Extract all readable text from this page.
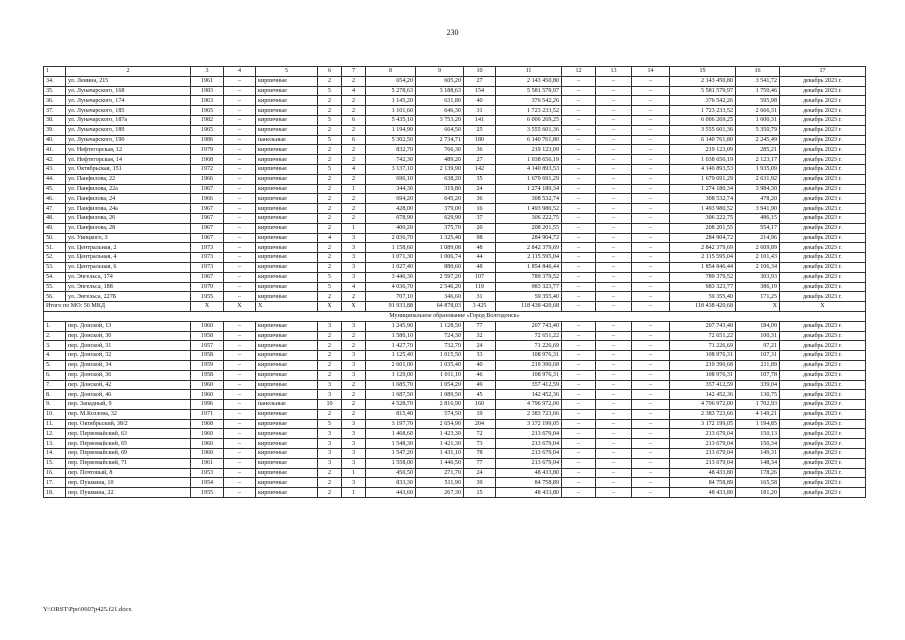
230
1	2	3	4	5	6	7	8	9	10	11	12	13	14	15	16	17
34.	ул. Ленина, 215	1961	–	кирпичные	2	2	654,20	605,20	27	2 143 450,80	–	–	–	2 143 450,80	3 541,72	декабрь 2023 г.
35.	ул. Луначарского, 168	1983	–	кирпичные	5	4	5 278,63	3 188,63	154	5 581 579,97	–	–	–	5 581 579,97	1 750,46	декабрь 2023 г.
36.	ул. Луначарского, 174	1963	–	кирпичные	2	2	1 145,20	631,80	40	376 542,26	–	–	–	376 542,26	595,98	декабрь 2023 г.
37.	ул. Луначарского, 185	1965	–	кирпичные	2	2	1 101,60	646,30	31	1 723 233,52	–	–	–	1 723 233,52	2 666,31	декабрь 2023 г.
38.	ул. Луначарского, 187а	1982	–	кирпичные	5	6	5 435,10	3 753,20	141	6 006 269,25	–	–	–	6 006 269,25	1 600,31	декабрь 2023 г.
39.	ул. Луначарского, 189	1965	–	кирпичные	2	2	1 194,90	664,50	25	3 555 601,36	–	–	–	3 555 601,36	5 350,79	декабрь 2023 г.
40.	ул. Луначарского, 190	1986	–	панельные	5	6	5 302,50	2 734,71	180	6 140 761,80	–	–	–	6 140 761,80	2 245,49	декабрь 2023 г.
41.	ул. Нефтегорская, 12	1979	–	кирпичные	2	2	832,70	766,30	36	219 123,09	–	–	–	219 123,09	285,21	декабрь 2023 г.
42.	ул. Нефтегорская, 14	1968	–	кирпичные	2	2	742,30	489,20	27	1 038 656,19	–	–	–	1 038 656,19	2 123,17	декабрь 2023 г.
43.	ул. Октябрьская, 151	1972	–	кирпичные	5	4	3 137,10	2 139,90	142	4 140 893,53	–	–	–	4 140 893,53	1 935,09	декабрь 2023 г.
44.	ул. Панфилова, 22	1966	–	кирпичные	2	2	696,10	638,20	35	1 679 691,29	–	–	–	1 679 691,29	2 631,92	декабрь 2023 г.
45.	ул. Панфилова, 22а	1967	–	кирпичные	2	1	344,30	319,80	24	1 274 180,34	–	–	–	1 274 180,34	3 984,30	декабрь 2023 г.
46.	ул. Панфилова, 24	1966	–	кирпичные	2	2	694,20	645,20	36	308 532,74	–	–	–	308 532,74	478,20	декабрь 2023 г.
47.	ул. Панфилова, 24а	1967	–	кирпичные	2	2	428,00	379,00	16	1 493 980,52	–	–	–	1 493 980,52	3 941,90	декабрь 2023 г.
48.	ул. Панфилова, 26	1967	–	кирпичные	2	2	678,90	629,90	37	306 222,75	–	–	–	306 222,75	486,15	декабрь 2023 г.
49.	ул. Панфилова, 28	1967	–	кирпичные	2	1	400,20	375,70	20	208 201,55	–	–	–	208 201,55	554,17	декабрь 2023 г.
50.	ул. Уинцкого, 3	1967	–	кирпичные	4	3	2 036,70	1 325,40	98	284 904,72	–	–	–	284 904,72	214,96	декабрь 2023 г.
51.	ул. Центральная, 2	1973	–	кирпичные	2	3	1 158,60	1 089,08	48	2 842 379,69	–	–	–	2 842 379,69	2 609,89	декабрь 2023 г.
52.	ул. Центральная, 4	1973	–	кирпичные	2	3	1 071,30	1 006,74	44	2 115 595,04	–	–	–	2 115 595,04	2 101,43	декабрь 2023 г.
53.	ул. Центральная, 6	1973	–	кирпичные	2	3	1 027,40	880,60	48	1 854 846,44	–	–	–	1 854 846,44	2 106,34	декабрь 2023 г.
54.	ул. Энгельса, 174	1967	–	кирпичные	5	3	3 440,30	2 597,20	107	789 379,52	–	–	–	789 379,52	303,93	декабрь 2023 г.
55.	ул. Энгельса, 188	1970	–	кирпичные	5	4	4 036,70	2 546,20	119	983 323,77	–	–	–	983 323,77	386,19	декабрь 2023 г.
56.	ул. Энгельса, 227Б	1955	–	кирпичные	2	2	707,10	346,60	31	59 355,40	–	–	–	59 355,40	171,25	декабрь 2023 г.
Итого по МО: 56 МКД		X	X	X	X	X	91 933,88	64 878,03	3 425	118 438 420,68	–	–	–	118 438 420,68	X	X
Муниципальное образование «Город Волгодонск»																
1.	пер. Донской, 13	1960	–	кирпичные	3	3	1 245,90	1 128,50	77	207 743,40	–	–	–	207 743,40	184,09	декабрь 2023 г.
2.	пер. Донской, 30	1958	–	кирпичные	2	2	1 580,10	724,30	32	72 651,22	–	–	–	72 651,22	100,31	декабрь 2023 г.
3.	пер. Донской, 31	1957	–	кирпичные	2	2	1 427,70	732,70	24	71 226,69	–	–	–	71 226,69	97,21	декабрь 2023 г.
4.	пер. Донской, 32	1958	–	кирпичные	2	3	1 125,40	1 015,50	33	108 976,31	–	–	–	108 976,31	107,31	декабрь 2023 г.
5.	пер. Донской, 34	1959	–	кирпичные	2	3	2 601,00	1 035,40	40	219 390,68	–	–	–	219 390,68	211,89	декабрь 2023 г.
6.	пер. Донской, 36	1958	–	кирпичные	2	3	1 129,00	1 011,10	46	108 976,31	–	–	–	108 976,31	107,78	декабрь 2023 г.
7.	пер. Донской, 42	1960	–	кирпичные	3	2	1 685,70	1 054,20	49	357 412,59	–	–	–	357 412,59	339,04	декабрь 2023 г.
8.	пер. Донской, 46	1960	–	кирпичные	3	2	1 687,50	1 089,50	45	142 452,36	–	–	–	142 452,36	130,75	декабрь 2023 г.
9.	пер. Западный, 9	1996	–	панельные	10	2	4 528,70	2 816,90	160	4 796 972,00	–	–	–	4 796 972,00	1 702,93	декабрь 2023 г.
10.	пер. М.Козлова, 32	1971	–	кирпичные	2	2	815,40	574,50	19	2 383 723,66	–	–	–	2 383 723,66	4 149,21	декабрь 2023 г.
11.	пер. Октябрьский, 38/2	1968	–	кирпичные	5	3	3 197,70	2 654,90	204	3 172 199,05	–	–	–	3 172 199,05	1 194,85	декабрь 2023 г.
12.	пер. Первомайский, 63	1960	–	кирпичные	3	3	1 468,60	1 423,30	72	213 679,04	–	–	–	213 679,04	150,13	декабрь 2023 г.
13.	пер. Первомайский, 65	1960	–	кирпичные	3	3	1 548,30	1 421,30	73	213 679,04	–	–	–	213 679,04	150,34	декабрь 2023 г.
14.	пер. Первомайский, 69	1960	–	кирпичные	3	3	1 547,20	1 431,10	78	213 679,04	–	–	–	213 679,04	149,31	декабрь 2023 г.
15.	пер. Первомайский, 71	1961	–	кирпичные	3	3	1 558,00	1 440,50	77	213 679,04	–	–	–	213 679,04	148,34	декабрь 2023 г.
16.	пер. Почтовый, 8	1953	–	кирпичные	2	1	450,50	271,70	24	48 433,80	–	–	–	48 433,80	178,26	декабрь 2023 г.
17.	пер. Пушкина, 10	1954	–	кирпичные	2	3	833,30	511,90	39	84 758,89	–	–	–	84 758,89	165,58	декабрь 2023 г.
18.	пер. Пушкина, 22	1955	–	кирпичные	2	1	443,60	267,30	15	48 433,80	–	–	–	48 433,80	181,20	декабрь 2023 г.
Y:\ORST\Ppo\0607p425.f21.docx
